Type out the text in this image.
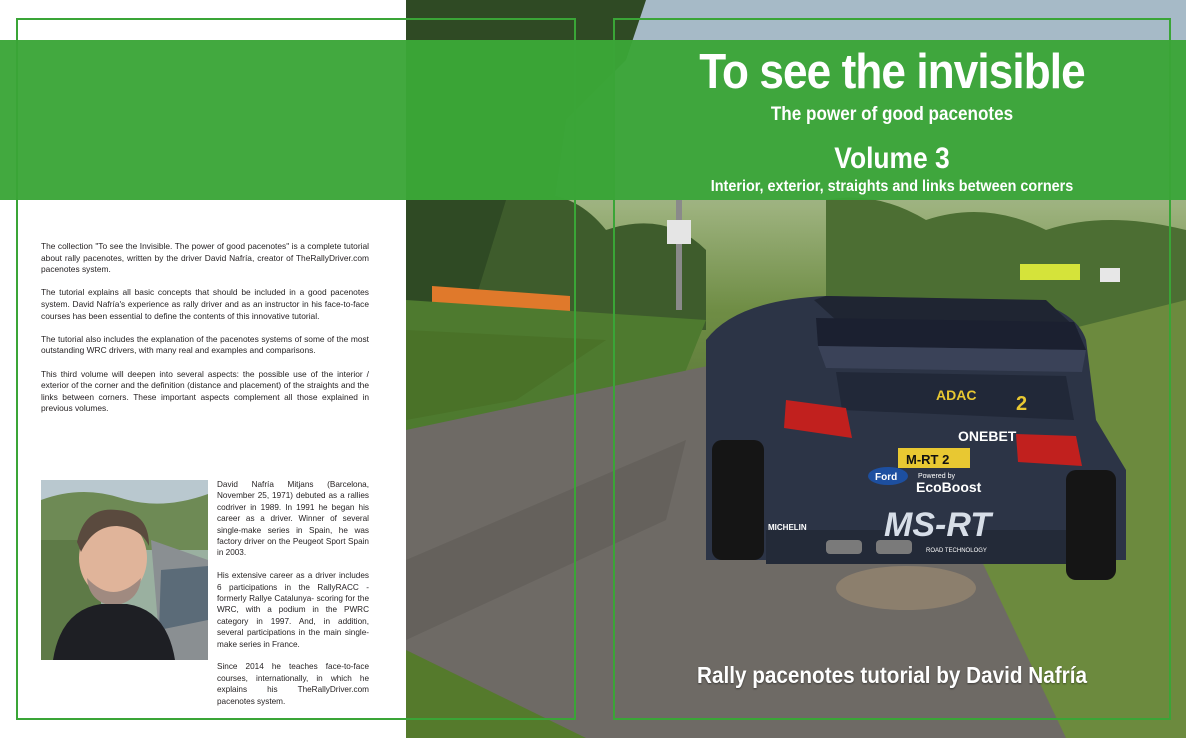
The collection "To see the Invisible. The power of good pacenotes" is a complete tutorial about rally pacenotes, written by the driver David Nafría, creator of TheRallyDriver.com pacenotes system.

The tutorial explains all basic concepts that should be included in a good pacenotes system. David Nafría's experience as rally driver and as an instructor in his face-to-face courses has been essential to define the contents of this innovative tutorial.

The tutorial also includes the explanation of the pacenotes systems of some of the most outstanding WRC drivers, with many real and examples and comparisons.

This third volume will deepen into several aspects: the possible use of the interior / exterior of the corner and the definition (distance and placement) of the straights and the links between corners. These important aspects complement all those explained in previous volumes.

David Nafría Mitjans (Barcelona, November 25, 1971) debuted as a rallies codriver in 1989. In 1991 he began his career as a driver. Winner of several single-make series in Spain, he was factory driver on the Peugeot Sport Spain in 2003.

His extensive career as a driver includes 6 participations in the RallyRACC - formerly Rallye Catalunya- scoring for the WRC, with a podium in the PWRC category in 1997. And, in addition, several participations in the main single-make series in France.

Since 2014 he teaches face-to-face courses, internationally, in which he explains his TheRallyDriver.com pacenotes system.

ADAC 2
ONEBET
M-RT 2
Ford	Powered by
EcoBoost
MS-RT
ROAD TECHNOLOGY
MICHELIN
To see the invisible
The power of good pacenotes
Volume 3
Interior, exterior, straights and links between corners
Rally pacenotes tutorial by David Nafría
